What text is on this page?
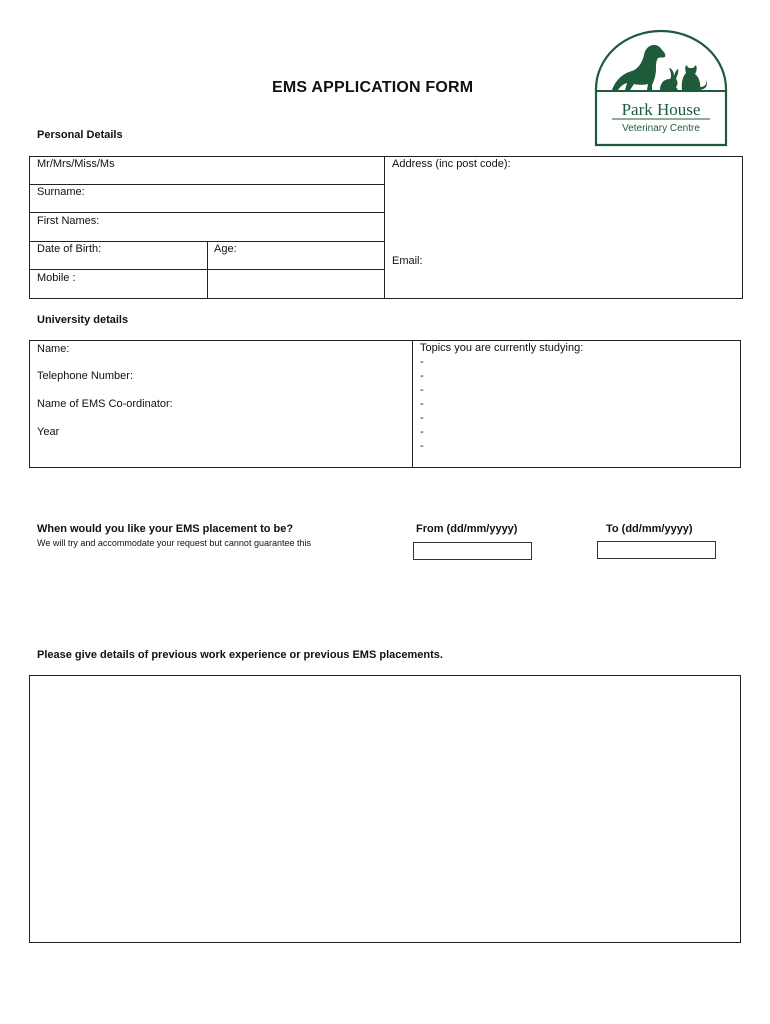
Park House
Veterinary Centre
EMS APPLICATION FORM
Personal Details
Mr/Mrs/Miss/Ms
Surname:
First Names:
Date of Birth:	Age:
Mobile :
Address (inc post code):
Email:
University details
Name:
Telephone Number:
Name of EMS Co-ordinator:
Year
Topics you are currently studying:
-
-
-
-
-
-
-
When would you like your EMS placement to be?
We will try and accommodate your request but cannot guarantee this
From (dd/mm/yyyy)	To (dd/mm/yyyy)
Please give details of previous work experience or previous EMS placements.
